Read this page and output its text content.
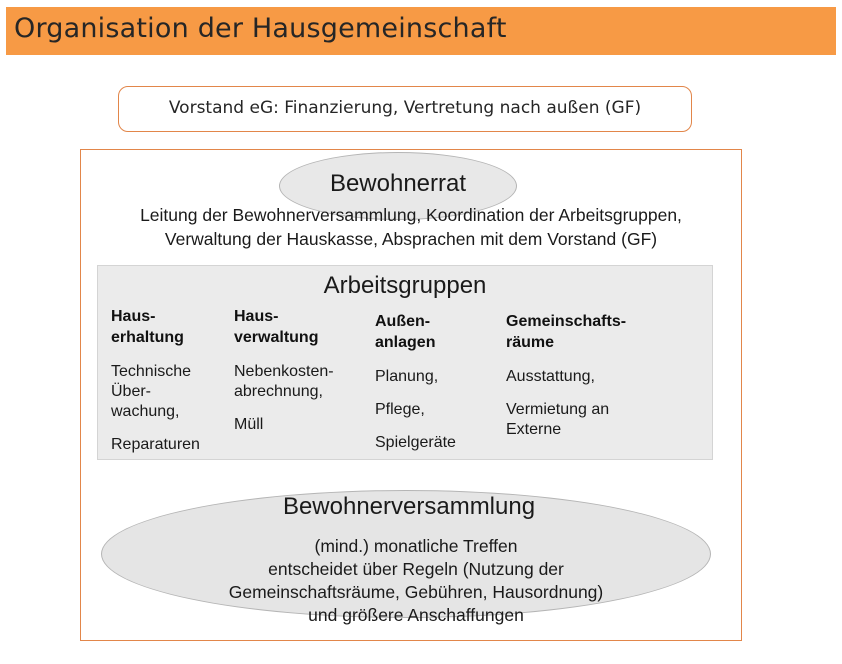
Organisation der Hausgemeinschaft
Vorstand eG: Finanzierung, Vertretung nach außen (GF)
Bewohnerrat
Leitung der Bewohnerversammlung, Koordination der Arbeitsgruppen,
Verwaltung der Hauskasse, Absprachen mit dem Vorstand (GF)
Arbeitsgruppen
Haus-
erhaltung
Technische
Über-
wachung,
Reparaturen
Haus-
verwaltung
Nebenkosten-
abrechnung,
Müll
Außen-
anlagen
Planung,
Pflege,
Spielgeräte
Gemeinschafts-
räume
Ausstattung,
Vermietung an
Externe
Bewohnerversammlung
(mind.) monatliche Treffen
entscheidet über Regeln (Nutzung der
Gemeinschaftsräume, Gebühren, Hausordnung)
und größere Anschaffungen
